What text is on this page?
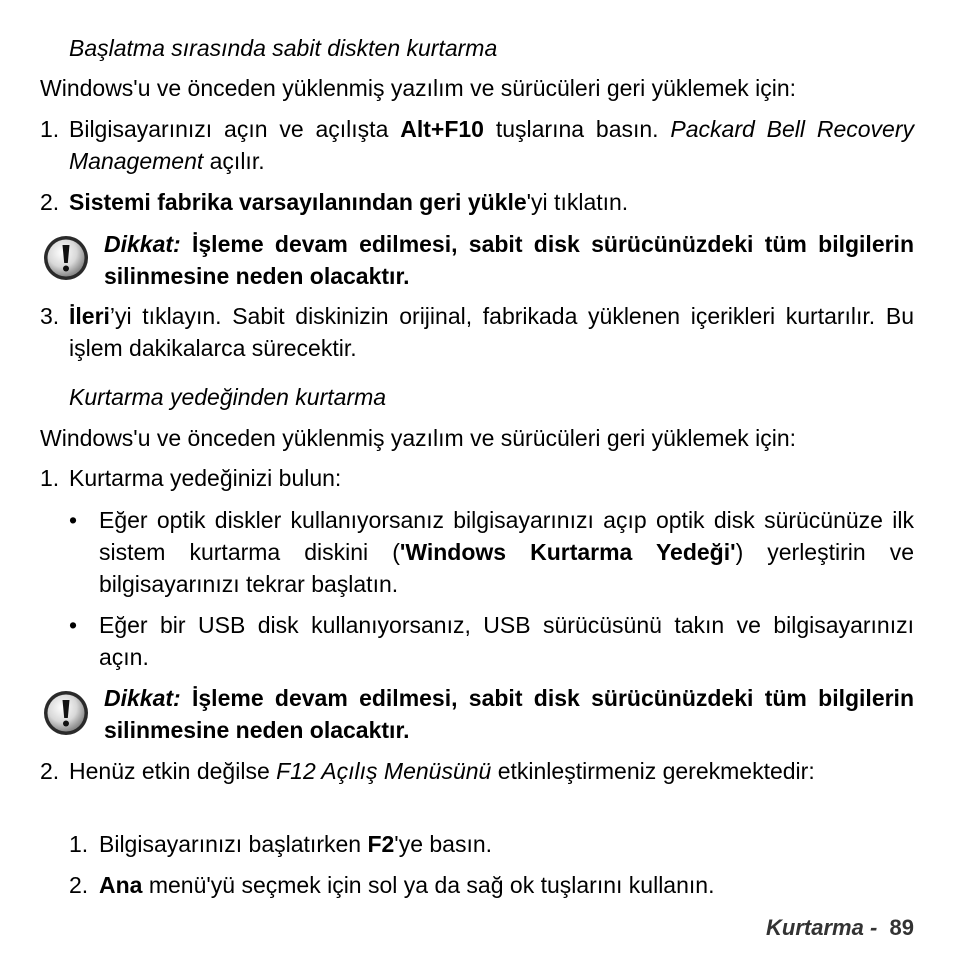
Başlatma sırasında sabit diskten kurtarma
Windows'u ve önceden yüklenmiş yazılım ve sürücüleri geri yüklemek için:
1. Bilgisayarınızı açın ve açılışta Alt+F10 tuşlarına basın. Packard Bell Recovery Management açılır.
2. Sistemi fabrika varsayılanından geri yükle'yi tıklatın.
Dikkat: İşleme devam edilmesi, sabit disk sürücünüzdeki tüm bilgilerin silinmesine neden olacaktır.
3. İleri’yi tıklayın. Sabit diskinizin orijinal, fabrikada yüklenen içerikleri kurtarılır. Bu işlem dakikalarca sürecektir.
Kurtarma yedeğinden kurtarma
Windows'u ve önceden yüklenmiş yazılım ve sürücüleri geri yüklemek için:
1. Kurtarma yedeğinizi bulun:
• Eğer optik diskler kullanıyorsanız bilgisayarınızı açıp optik disk sürücünüze ilk sistem kurtarma diskini ('Windows Kurtarma Yedeği') yerleştirin ve bilgisayarınızı tekrar başlatın.
• Eğer bir USB disk kullanıyorsanız, USB sürücüsünü takın ve bilgisayarınızı açın.
Dikkat: İşleme devam edilmesi, sabit disk sürücünüzdeki tüm bilgilerin silinmesine neden olacaktır.
2. Henüz etkin değilse F12 Açılış Menüsünü etkinleştirmeniz gerekmektedir:
1. Bilgisayarınızı başlatırken F2'ye basın.
2. Ana menü'yü seçmek için sol ya da sağ ok tuşlarını kullanın.
Kurtarma -  89
